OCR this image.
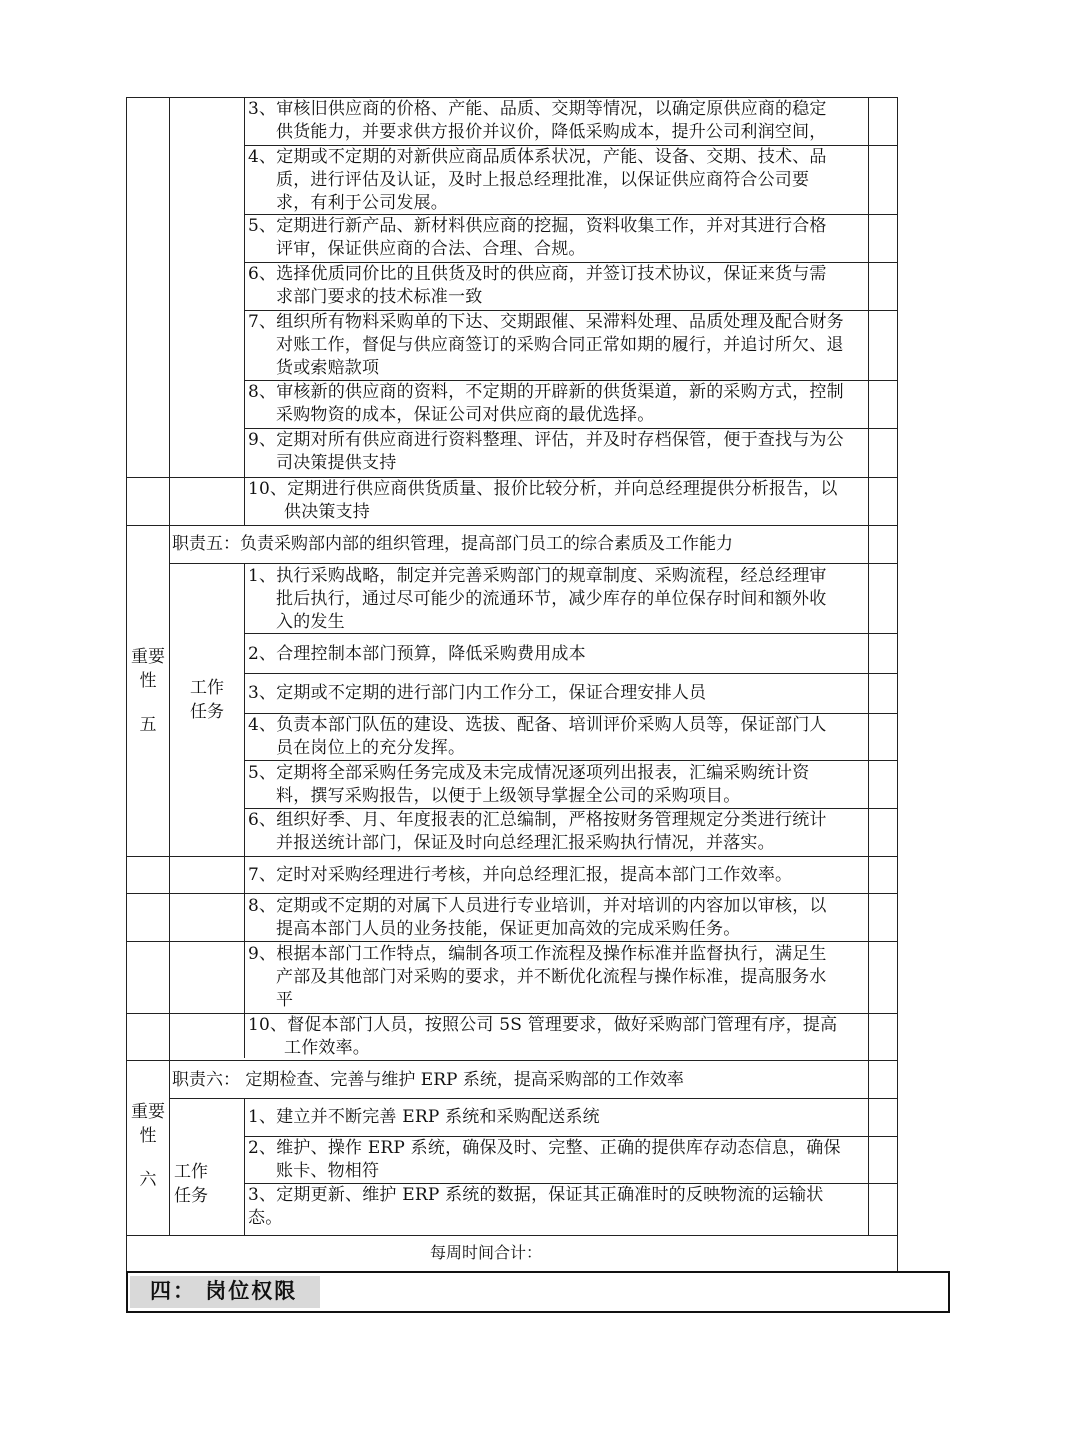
3、审核旧供应商的价格、产能、品质、交期等情况，以确定原供应商的稳定
供货能力，并要求供方报价并议价，降低采购成本，提升公司利润空间，
4、定期或不定期的对新供应商品质体系状况，产能、设备、交期、技术、品
质，进行评估及认证，及时上报总经理批准，以保证供应商符合公司要
求，有利于公司发展。
5、定期进行新产品、新材料供应商的挖掘，资料收集工作，并对其进行合格
评审，保证供应商的合法、合理、合规。
6、选择优质同价比的且供货及时的供应商，并签订技术协议，保证来货与需
求部门要求的技术标准一致
7、组织所有物料采购单的下达、交期跟催、呆滞料处理、品质处理及配合财务
对账工作，督促与供应商签订的采购合同正常如期的履行，并追讨所欠、退
货或索赔款项
8、审核新的供应商的资料，不定期的开辟新的供货渠道，新的采购方式，控制
采购物资的成本，保证公司对供应商的最优选择。
9、定期对所有供应商进行资料整理、评估，并及时存档保管，便于查找与为公
司决策提供支持
10、定期进行供应商供货质量、报价比较分析，并向总经理提供分析报告，以
供决策支持
职责五：负责采购部内部的组织管理，提高部门员工的综合素质及工作能力
重要
性
五
工作
任务
1、执行采购战略，制定并完善采购部门的规章制度、采购流程，经总经理审
批后执行，通过尽可能少的流通环节，减少库存的单位保存时间和额外收
入的发生
2、合理控制本部门预算，降低采购费用成本
3、定期或不定期的进行部门内工作分工，保证合理安排人员
4、负责本部门队伍的建设、选拔、配备、培训评价采购人员等，保证部门人
员在岗位上的充分发挥。
5、定期将全部采购任务完成及未完成情况逐项列出报表，汇编采购统计资
料，撰写采购报告，以便于上级领导掌握全公司的采购项目。
6、组织好季、月、年度报表的汇总编制，严格按财务管理规定分类进行统计
并报送统计部门，保证及时向总经理汇报采购执行情况，并落实。
7、定时对采购经理进行考核，并向总经理汇报，提高本部门工作效率。
8、定期或不定期的对属下人员进行专业培训，并对培训的内容加以审核，以
提高本部门人员的业务技能，保证更加高效的完成采购任务。
9、根据本部门工作特点，编制各项工作流程及操作标准并监督执行，满足生
产部及其他部门对采购的要求，并不断优化流程与操作标准，提高服务水
平
10、督促本部门人员，按照公司 5S 管理要求，做好采购部门管理有序，提高
工作效率。
职责六： 定期检查、完善与维护 ERP 系统，提高采购部的工作效率
重要
性
六	工作
任务
1、建立并不断完善 ERP 系统和采购配送系统
2、维护、操作 ERP 系统，确保及时、完整、正确的提供库存动态信息，确保
账卡、物相符
3、定期更新、维护 ERP 系统的数据，保证其正确准时的反映物流的运输状
态。
每周时间合计：
四： 岗位权限
